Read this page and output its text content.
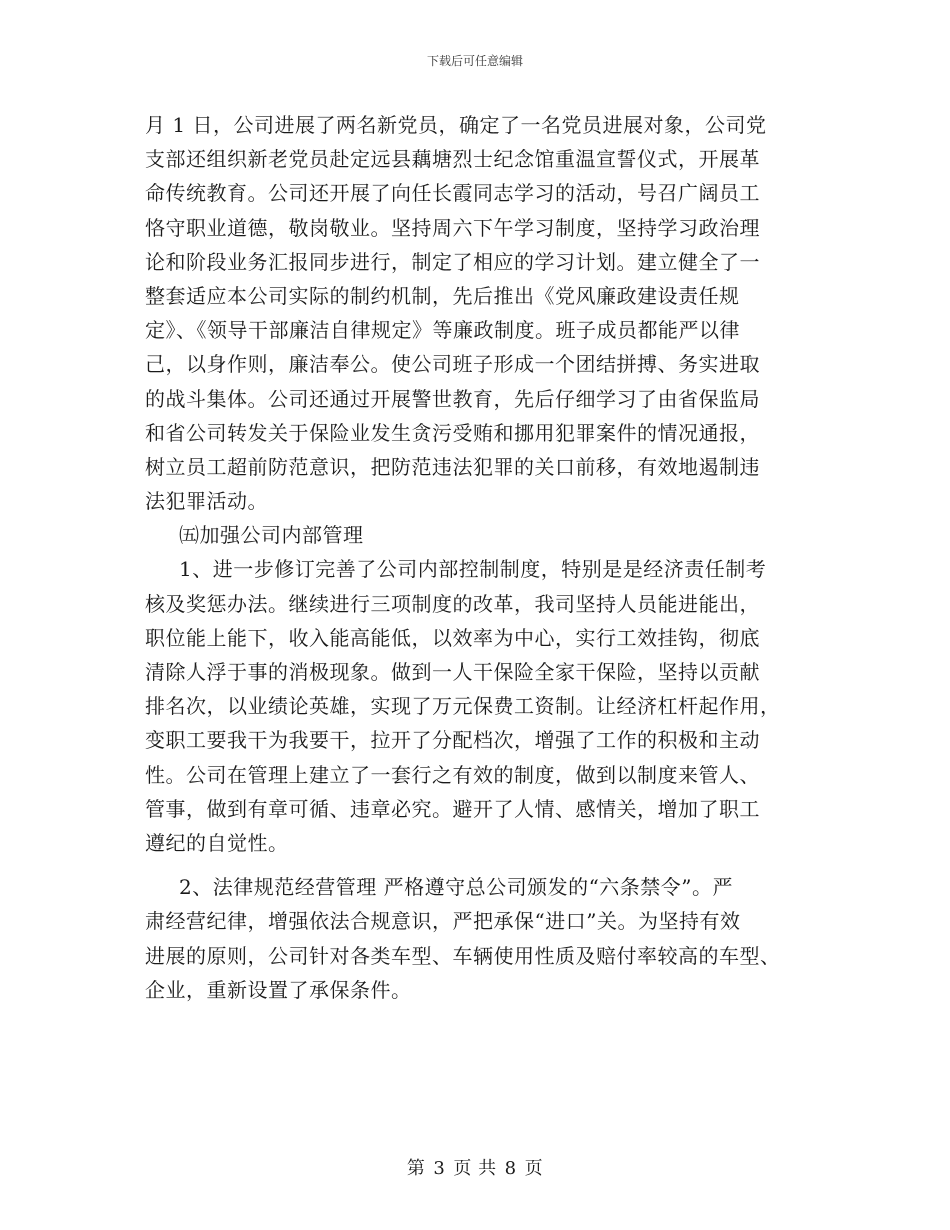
下载后可任意编辑
月 1 日，公司进展了两名新党员，确定了一名党员进展对象，公司党
支部还组织新老党员赴定远县藕塘烈士纪念馆重温宣誓仪式，开展革
命传统教育。公司还开展了向任长霞同志学习的活动，号召广阔员工
恪守职业道德，敬岗敬业。坚持周六下午学习制度，坚持学习政治理
论和阶段业务汇报同步进行，制定了相应的学习计划。建立健全了一
整套适应本公司实际的制约机制，先后推出《党风廉政建设责任规
定》、《领导干部廉洁自律规定》等廉政制度。班子成员都能严以律
己，以身作则，廉洁奉公。使公司班子形成一个团结拼搏、务实进取
的战斗集体。公司还通过开展警世教育，先后仔细学习了由省保监局
和省公司转发关于保险业发生贪污受贿和挪用犯罪案件的情况通报，
树立员工超前防范意识，把防范违法犯罪的关口前移，有效地遏制违
法犯罪活动。
㈤加强公司内部管理
1、进一步修订完善了公司内部控制制度，特别是是经济责任制考
核及奖惩办法。继续进行三项制度的改革，我司坚持人员能进能出，
职位能上能下，收入能高能低，以效率为中心，实行工效挂钩，彻底
清除人浮于事的消极现象。做到一人干保险全家干保险，坚持以贡献
排名次，以业绩论英雄，实现了万元保费工资制。让经济杠杆起作用，
变职工要我干为我要干，拉开了分配档次，增强了工作的积极和主动
性。公司在管理上建立了一套行之有效的制度，做到以制度来管人、
管事，做到有章可循、违章必究。避开了人情、感情关，增加了职工
遵纪的自觉性。
2、法律规范经营管理 严格遵守总公司颁发的“六条禁令”。严
肃经营纪律，增强依法合规意识，严把承保“进口”关。为坚持有效
进展的原则，公司针对各类车型、车辆使用性质及赔付率较高的车型、
企业，重新设置了承保条件。
第 3 页 共 8 页
